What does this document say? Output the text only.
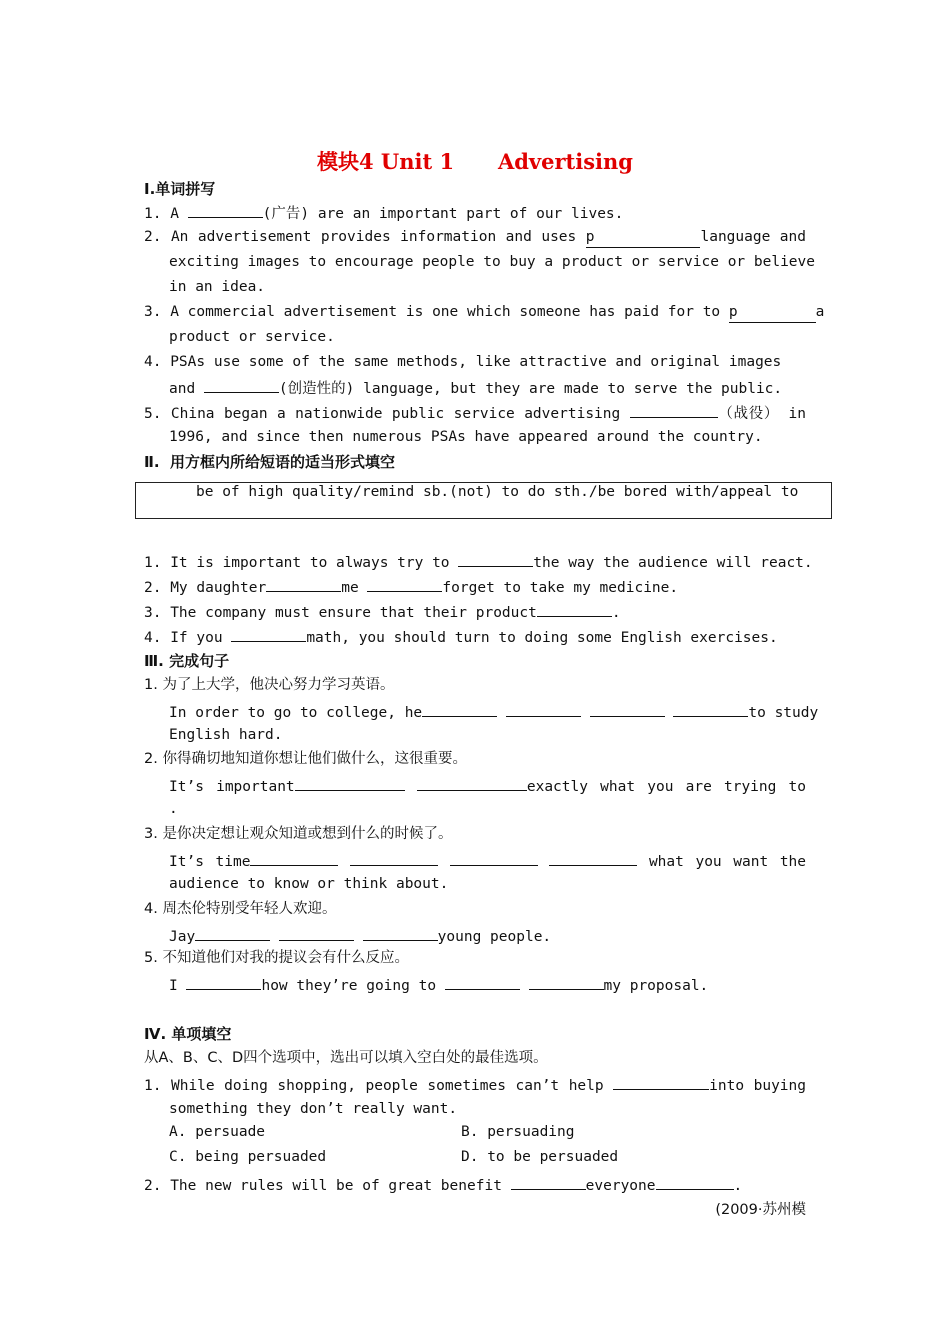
模块4 Unit 1      Advertising
Ⅰ.单词拼写
1. A	(广告) are an important part of our lives.
2. An advertisement provides information and uses p	language and
exciting images to encourage people to buy a product or service or believe
in an idea.
3. A commercial advertisement is one which someone has paid for to p	a
product or service.
4. PSAs use some of the same methods, like attractive and original images
and	(创造性的) language, but they are made to serve the public.
5. China began a nationwide public service advertising	（战役） in
1996, and since then numerous PSAs have appeared around the country.
Ⅱ.  用方框内所给短语的适当形式填空
be of high quality/remind sb.(not) to do sth./be bored with/appeal to
1. It is important to always try to	the way the audience will react.
2. My daughter	me	forget to take my medicine.
3. The company must ensure that their product	.
4. If you	math, you should turn to doing some English exercises.
Ⅲ. 完成句子
1. 为了上大学，他决心努力学习英语。
In order to go to college, he	to study
English hard.
2. 你得确切地知道你想让他们做什么，这很重要。
It’s important	exactly what you are trying to
.
3. 是你决定想让观众知道或想到什么的时候了。
It’s time	what you want the
audience to know or think about.
4. 周杰伦特别受年轻人欢迎。
Jay	young people.
5. 不知道他们对我的提议会有什么反应。
I	how they’re going to	my proposal.
Ⅳ. 单项填空
从A、B、C、D四个选项中，选出可以填入空白处的最佳选项。
1. While doing shopping, people sometimes can’t help	into buying
something they don’t really want.
A. persuade	B. persuading
C. being persuaded	D. to be persuaded
2. The new rules will be of great benefit	everyone	.
(2009·苏州模
